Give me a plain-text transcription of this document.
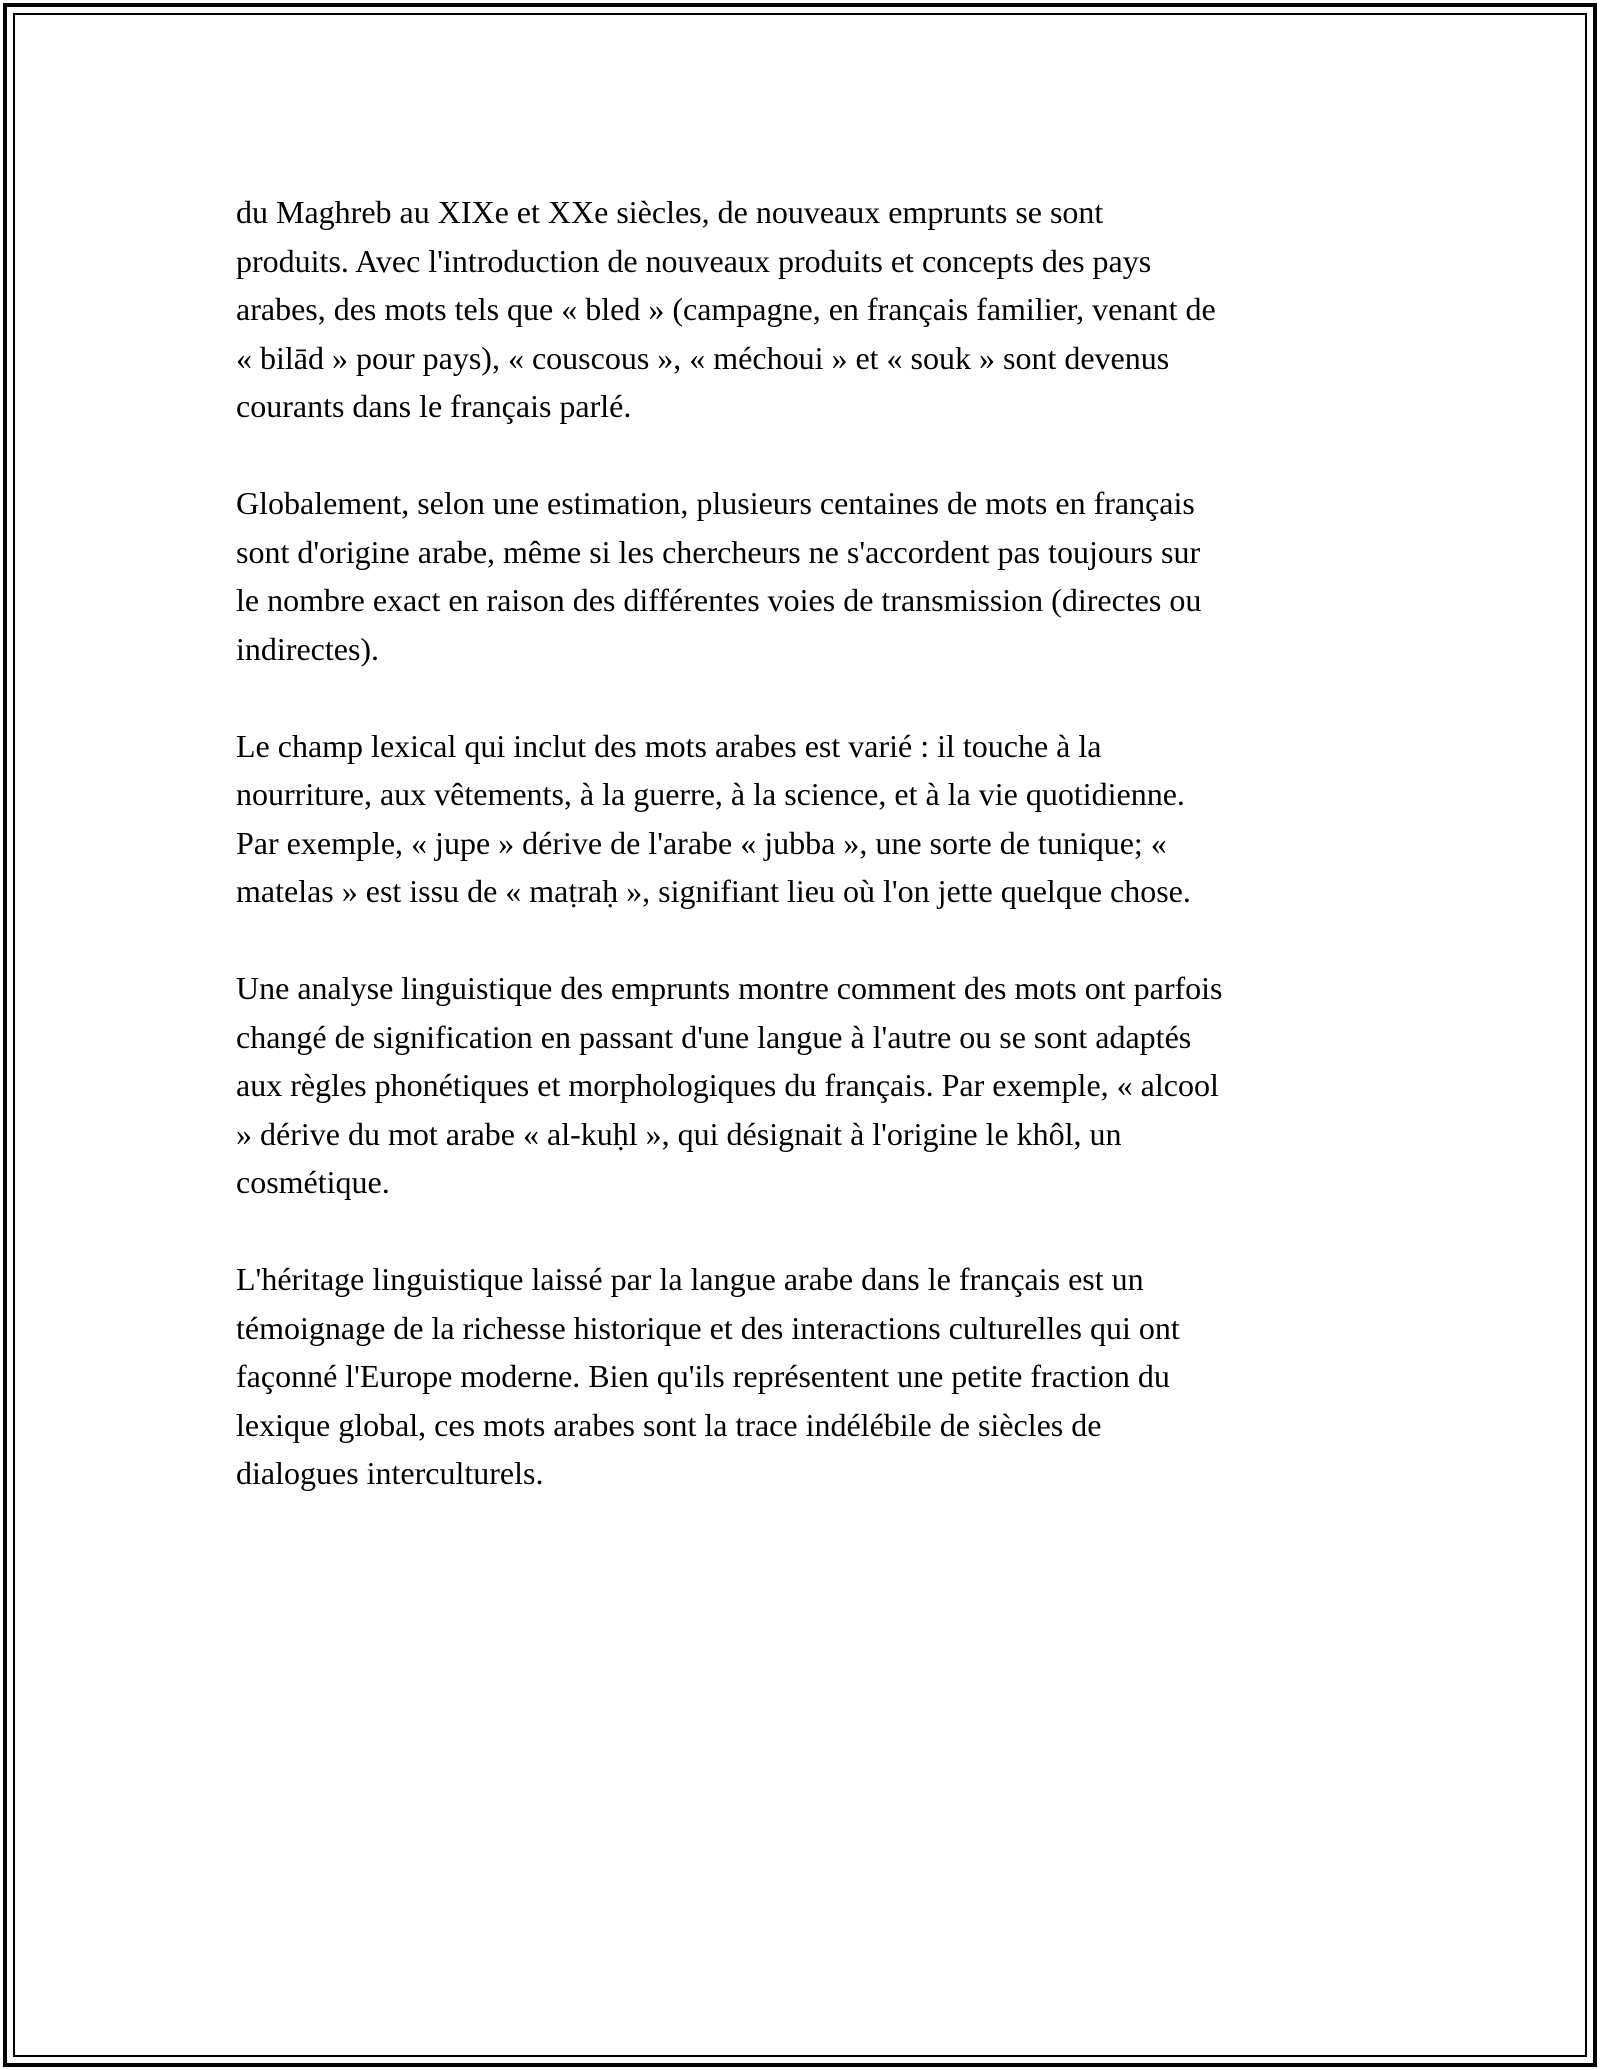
du Maghreb au XIXe et XXe siècles, de nouveaux emprunts se sont
produits. Avec l'introduction de nouveaux produits et concepts des pays
arabes, des mots tels que « bled » (campagne, en français familier, venant de
« bilād » pour pays), « couscous », « méchoui » et « souk » sont devenus
courants dans le français parlé.

Globalement, selon une estimation, plusieurs centaines de mots en français
sont d'origine arabe, même si les chercheurs ne s'accordent pas toujours sur
le nombre exact en raison des différentes voies de transmission (directes ou
indirectes).

Le champ lexical qui inclut des mots arabes est varié : il touche à la
nourriture, aux vêtements, à la guerre, à la science, et à la vie quotidienne.
Par exemple, « jupe » dérive de l'arabe « jubba », une sorte de tunique; «
matelas » est issu de « maṭraḥ », signifiant lieu où l'on jette quelque chose.

Une analyse linguistique des emprunts montre comment des mots ont parfois
changé de signification en passant d'une langue à l'autre ou se sont adaptés
aux règles phonétiques et morphologiques du français. Par exemple, « alcool
» dérive du mot arabe « al-kuḥl », qui désignait à l'origine le khôl, un
cosmétique.

L'héritage linguistique laissé par la langue arabe dans le français est un
témoignage de la richesse historique et des interactions culturelles qui ont
façonné l'Europe moderne. Bien qu'ils représentent une petite fraction du
lexique global, ces mots arabes sont la trace indélébile de siècles de
dialogues interculturels.
